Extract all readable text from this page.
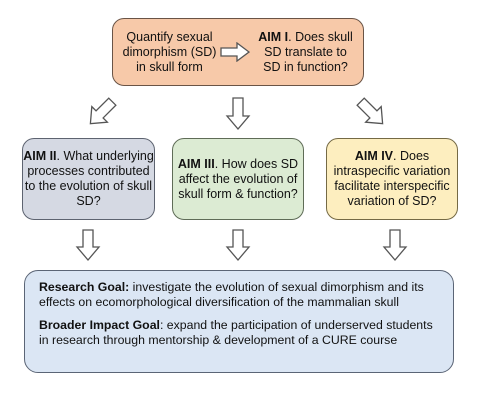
Quantify sexual dimorphism (SD) in skull form
AIM I. Does skull SD translate to SD in function?
AIM II. What underlying processes contributed to the evolution of skull SD?
AIM III. How does SD affect the evolution of skull form & function?
AIM IV. Does intraspecific variation facilitate interspecific variation of SD?

Research Goal: investigate the evolution of sexual dimorphism and its effects on ecomorphological diversification of the mammalian skull

Broader Impact Goal: expand the participation of underserved students in research through mentorship & development of a CURE course
